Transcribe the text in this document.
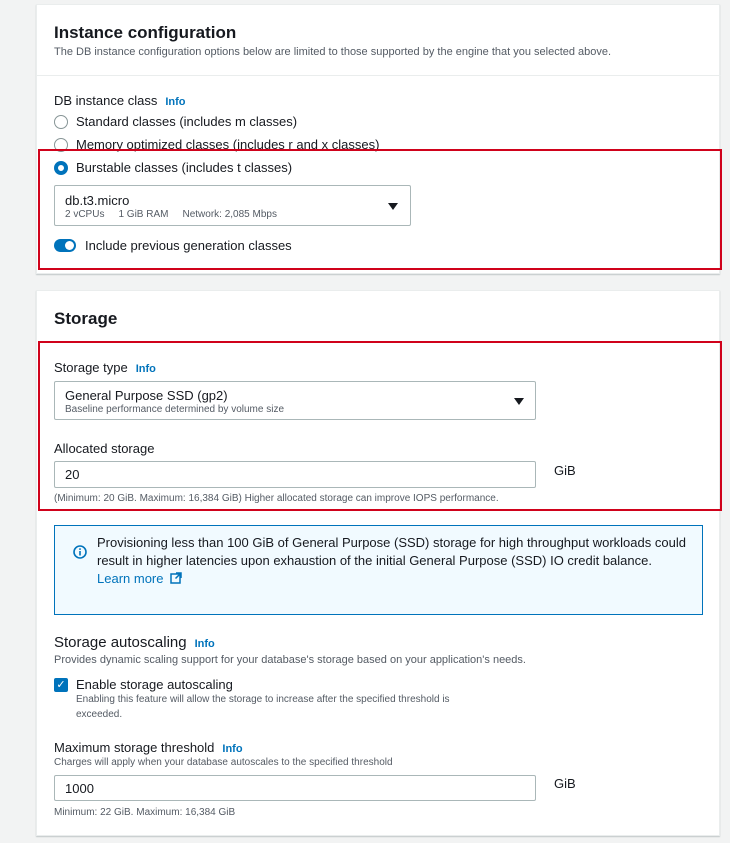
Instance configuration
The DB instance configuration options below are limited to those supported by the engine that you selected above.
DB instance class Info
Standard classes (includes m classes)
Memory optimized classes (includes r and x classes)
Burstable classes (includes t classes)
db.t3.micro
2 vCPUs 1 GiB RAM Network: 2,085 Mbps
Include previous generation classes
Storage
Storage type Info
General Purpose SSD (gp2)
Baseline performance determined by volume size
Allocated storage
20	GiB
(Minimum: 20 GiB. Maximum: 16,384 GiB) Higher allocated storage can improve IOPS performance.
Provisioning less than 100 GiB of General Purpose (SSD) storage for high throughput workloads could result in higher latencies upon exhaustion of the initial General Purpose (SSD) IO credit balance. Learn more
Storage autoscaling Info
Provides dynamic scaling support for your database's storage based on your application's needs.
✓ Enable storage autoscaling
Enabling this feature will allow the storage to increase after the specified threshold is
exceeded.
Maximum storage threshold Info
Charges will apply when your database autoscales to the specified threshold
1000	GiB
Minimum: 22 GiB. Maximum: 16,384 GiB
